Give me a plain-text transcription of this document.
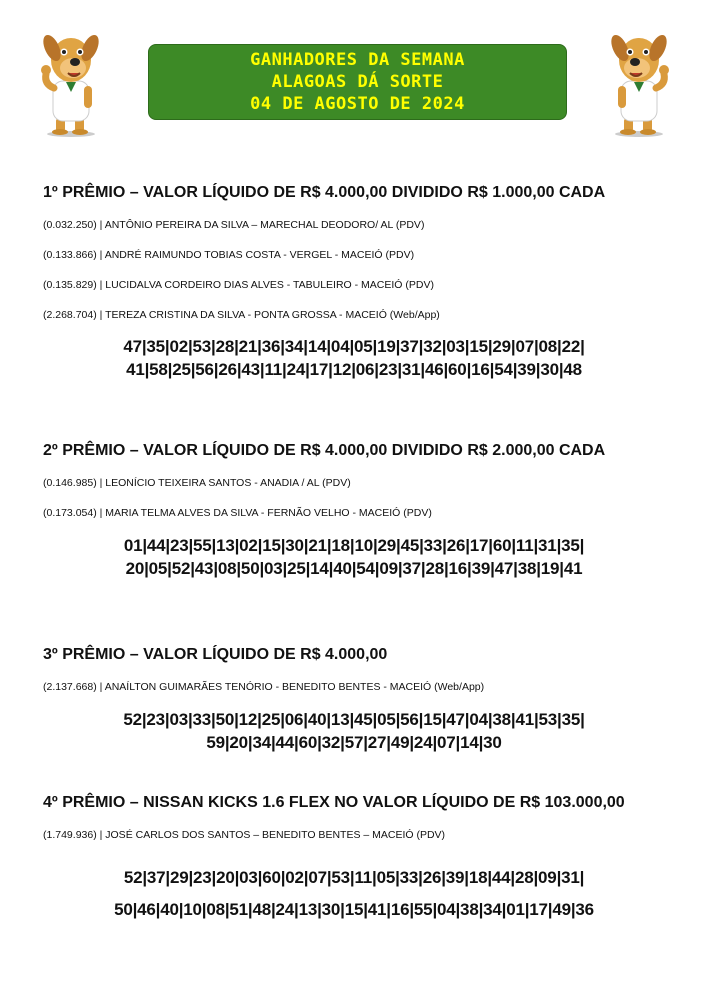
GANHADORES DA SEMANA
ALAGOAS DÁ SORTE
04 DE AGOSTO DE 2024

1º PRÊMIO – VALOR LÍQUIDO DE R$ 4.000,00 DIVIDIDO R$ 1.000,00 CADA

(0.032.250) | ANTÔNIO PEREIRA DA SILVA – MARECHAL DEODORO/ AL (PDV)

(0.133.866) | ANDRÉ RAIMUNDO TOBIAS COSTA - VERGEL - MACEIÓ (PDV)

(0.135.829) | LUCIDALVA CORDEIRO DIAS ALVES - TABULEIRO - MACEIÓ (PDV)

(2.268.704) | TEREZA CRISTINA DA SILVA - PONTA GROSSA - MACEIÓ (Web/App)

47|35|02|53|28|21|36|34|14|04|05|19|37|32|03|15|29|07|08|22|

41|58|25|56|26|43|11|24|17|12|06|23|31|46|60|16|54|39|30|48

2º PRÊMIO – VALOR LÍQUIDO DE R$ 4.000,00 DIVIDIDO R$ 2.000,00 CADA

(0.146.985) | LEONÍCIO TEIXEIRA SANTOS - ANADIA / AL (PDV)

(0.173.054) | MARIA TELMA ALVES DA SILVA - FERNÃO VELHO - MACEIÓ (PDV)

01|44|23|55|13|02|15|30|21|18|10|29|45|33|26|17|60|11|31|35|

20|05|52|43|08|50|03|25|14|40|54|09|37|28|16|39|47|38|19|41

3º PRÊMIO – VALOR LÍQUIDO DE R$ 4.000,00

(2.137.668) | ANAÍLTON GUIMARÃES TENÓRIO - BENEDITO BENTES - MACEIÓ (Web/App)

52|23|03|33|50|12|25|06|40|13|45|05|56|15|47|04|38|41|53|35|

59|20|34|44|60|32|57|27|49|24|07|14|30

4º PRÊMIO – NISSAN KICKS 1.6 FLEX NO VALOR LÍQUIDO DE R$ 103.000,00

(1.749.936) | JOSÉ CARLOS DOS SANTOS – BENEDITO BENTES – MACEIÓ (PDV)

52|37|29|23|20|03|60|02|07|53|11|05|33|26|39|18|44|28|09|31|

50|46|40|10|08|51|48|24|13|30|15|41|16|55|04|38|34|01|17|49|36
